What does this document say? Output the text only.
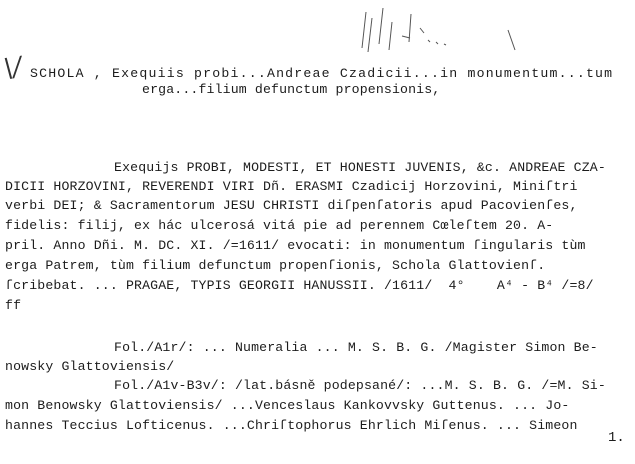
\/ SCHOLA , Exequiis probi...Andreae Czadicii...in monumentum...tum
erga...filium defunctum propensionis,
Exequijs PROBI, MODESTI, ET HONESTI JUVENIS, &c. ANDREAE CZA-
DICII HORZOVINI, REVERENDI VIRI Dñ. ERASMI Czadicij Horzovini, Miniſtri
verbi DEI; & Sacramentorum JESU CHRISTI diſpenſatoris apud Pacovienſes,
fidelis: filij, ex hác ulcerosá vitá pie ad perennem Cœleſtem 20. A-
pril. Anno Dñi. M. DC. XI. /=1611/ evocati: in monumentum ſingularis tùm
erga Patrem, tùm filium defunctum propenſionis, Schola Glattovienſ.
ſcribebat. ... PRAGAE, TYPIS GEORGII HANUSSII. /1611/  4°    A⁴ - B⁴ /=8/
ff
Fol./A1r/: ... Numeralia ... M. S. B. G. /Magister Simon Be-
nowsky Glattoviensis/
Fol./A1v-B3v/: /lat.básně podepsané/: ...M. S. B. G. /=M. Si-
mon Benowsky Glattoviensis/ ...Venceslaus Kankovvsky Guttenus. ... Jo-
hannes Teccius Lofticenus. ...Chriſtophorus Ehrlich Miſenus. ... Simeon
1.
